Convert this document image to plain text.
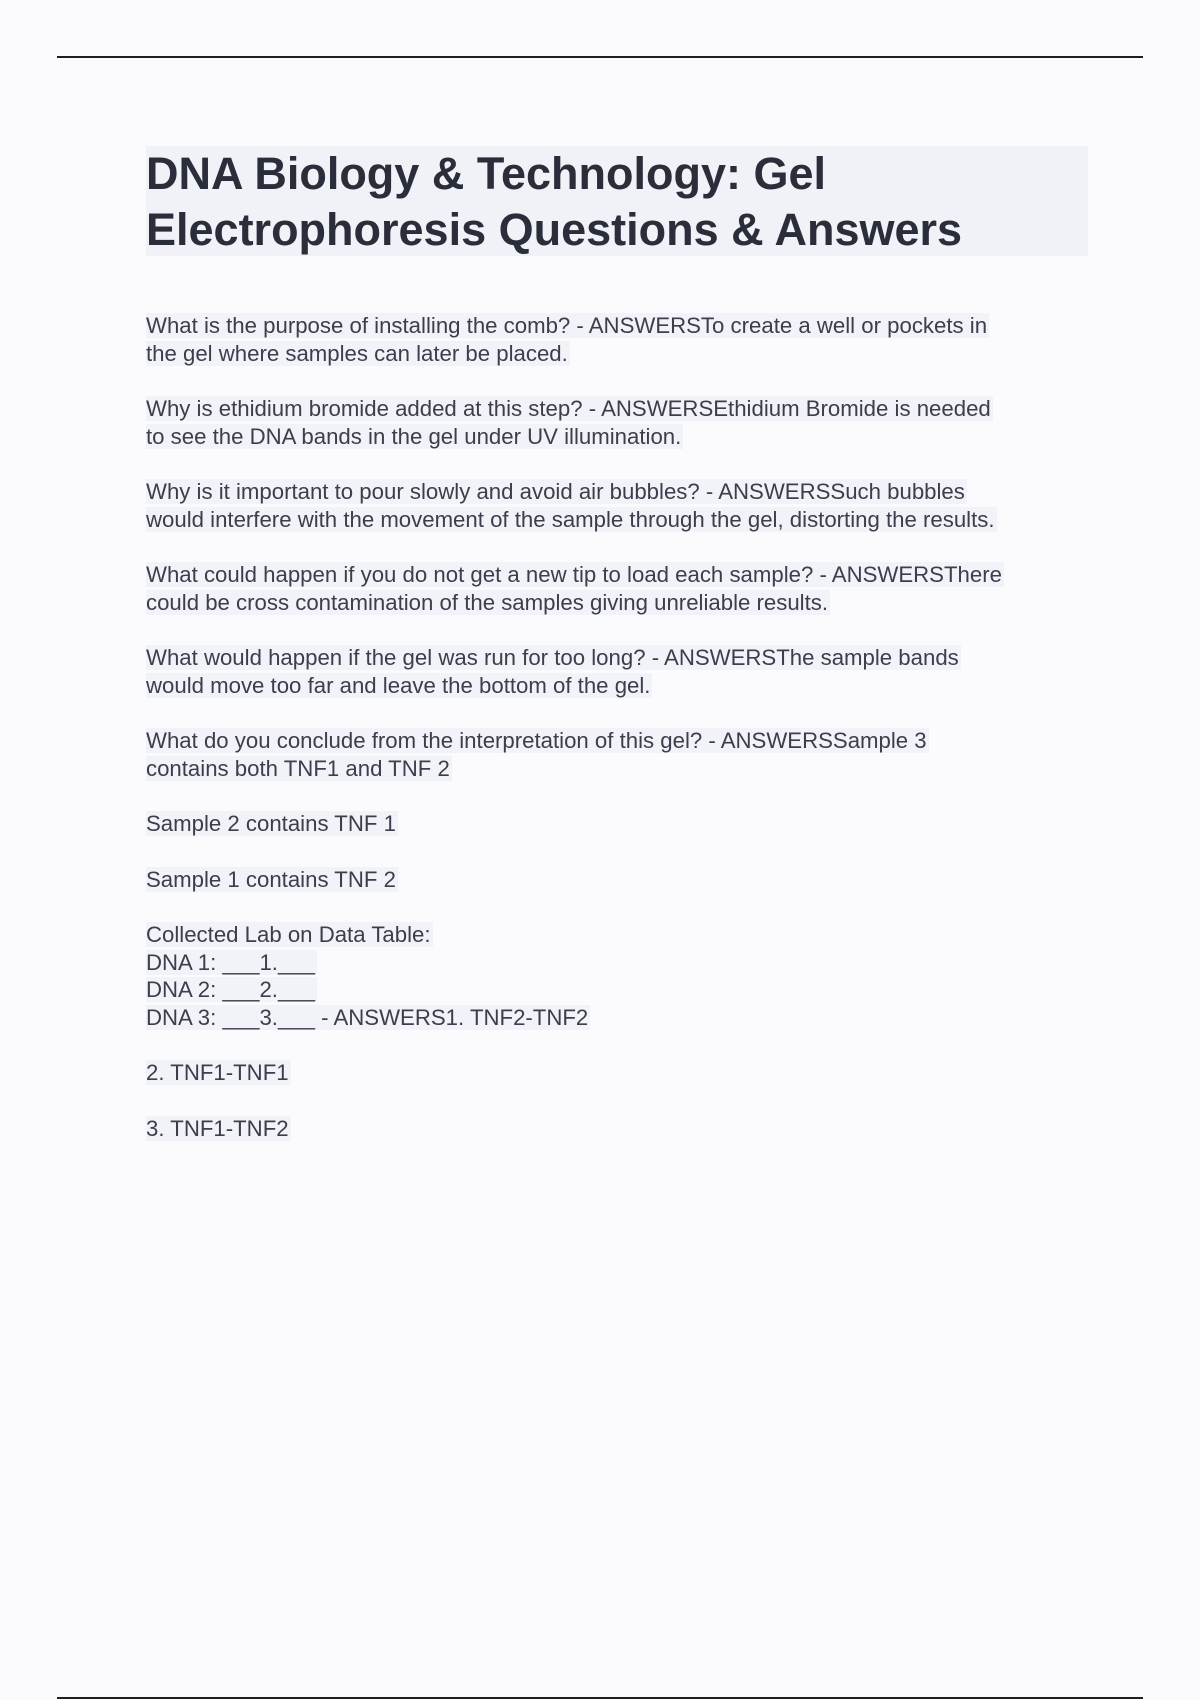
DNA Biology & Technology: Gel
Electrophoresis Questions & Answers
What is the purpose of installing the comb? - ANSWERSTo create a well or pockets in
the gel where samples can later be placed.
Why is ethidium bromide added at this step? - ANSWERSEthidium Bromide is needed
to see the DNA bands in the gel under UV illumination.
Why is it important to pour slowly and avoid air bubbles? - ANSWERSSuch bubbles
would interfere with the movement of the sample through the gel, distorting the results.
What could happen if you do not get a new tip to load each sample? - ANSWERSThere
could be cross contamination of the samples giving unreliable results.
What would happen if the gel was run for too long? - ANSWERSThe sample bands
would move too far and leave the bottom of the gel.
What do you conclude from the interpretation of this gel? - ANSWERSSample 3
contains both TNF1 and TNF 2
Sample 2 contains TNF 1
Sample 1 contains TNF 2
Collected Lab on Data Table:
DNA 1: ___1.___
DNA 2: ___2.___
DNA 3: ___3.___ - ANSWERS1. TNF2-TNF2
2. TNF1-TNF1
3. TNF1-TNF2
